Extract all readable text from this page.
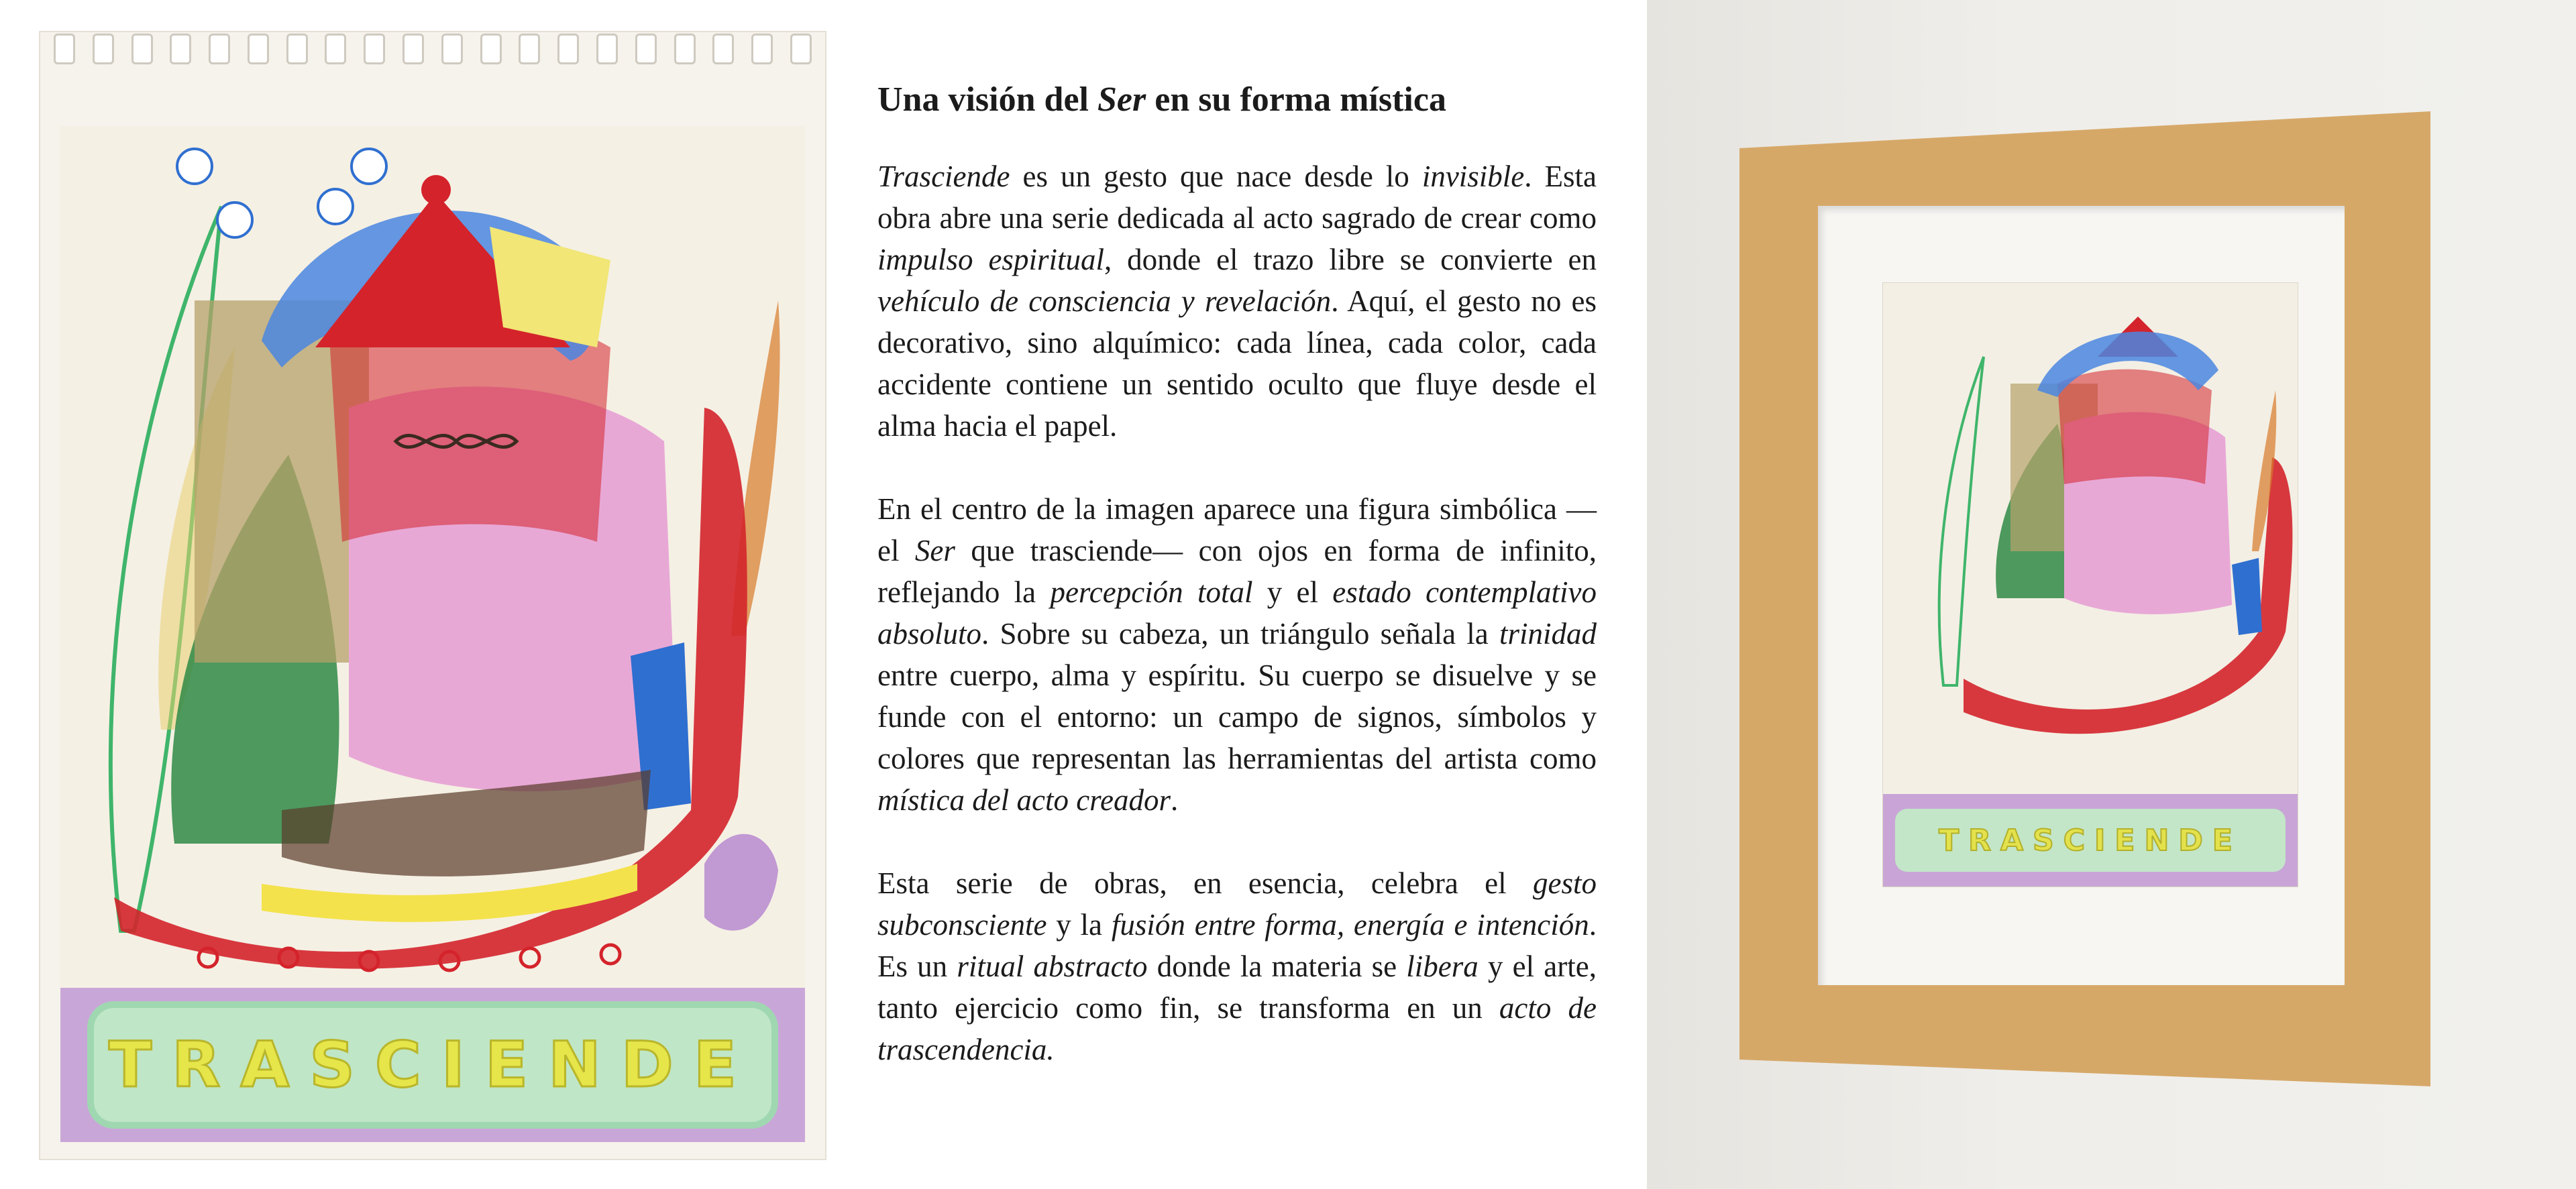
TRASCIENDE
Una visión del Ser en su forma mística

Trasciende es un gesto que nace desde lo invisible. Esta obra abre una serie dedicada al acto sagrado de crear como impulso espiritual, donde el trazo libre se convierte en vehículo de consciencia y revelación. Aquí, el gesto no es decorativo, sino alquímico: cada línea, cada color, cada accidente contiene un sentido oculto que fluye desde el alma hacia el papel.

En el centro de la imagen aparece una figura simbólica —el Ser que trasciende— con ojos en forma de infinito, reflejando la percepción total y el estado contemplativo absoluto. Sobre su cabeza, un triángulo señala la trinidad entre cuerpo, alma y espíritu. Su cuerpo se disuelve y se funde con el entorno: un campo de signos, símbolos y colores que representan las herramientas del artista como mística del acto creador.

Esta serie de obras, en esencia, celebra el gesto subconsciente y la fusión entre forma, energía e intención. Es un ritual abstracto donde la materia se libera y el arte, tanto ejercicio como fin, se transforma en un acto de trascendencia.

TRASCIENDE
